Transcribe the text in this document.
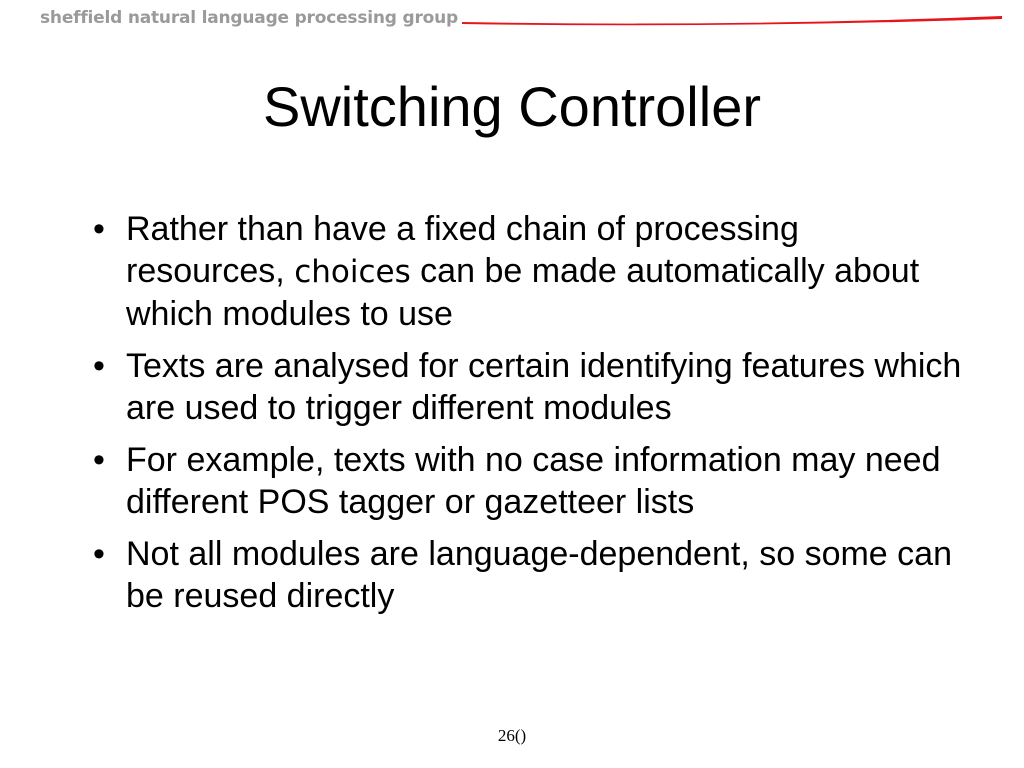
sheffield natural language processing group
Switching Controller
• Rather than have a fixed chain of processing resources, choices can be made automatically about which modules to use
• Texts are analysed for certain identifying features which are used to trigger different modules
• For example, texts with no case information may need different POS tagger or gazetteer lists
• Not all modules are language-dependent, so some can be reused directly
26()
